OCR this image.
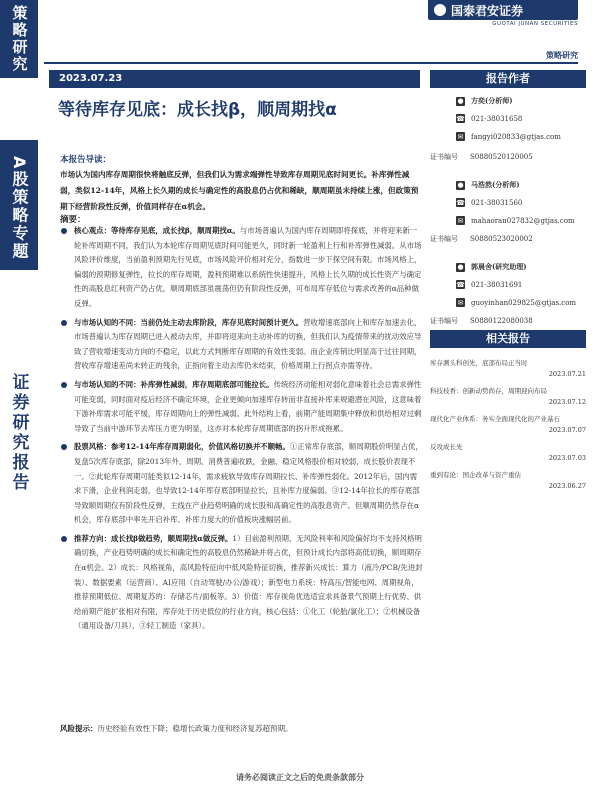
策略研究
A股策略专题
证券研究报告
国泰君安证券
GUOTAI JUNAN SECURITIES
策略研究
2023.07.23
等待库存见底：成长找β，顺周期找α
本报告导读：
市场认为国内库存周期很快将触底反弹，但我们认为需求端弹性导致库存周期见底时间更长。补库弹性减弱，类似12-14年，风格上长久期的成长与确定性的高股息仍占优和稀缺，顺周期虽未持续上涨，但政策预期下经营阶段性反弹，价值同样存在α机会。
摘要：
核心观点：等待库存见底，成长找β，顺周期找α。与市场普遍认为国内库存周期即将探底，并将迎来新一轮补库周期不同，我们认为本轮库存周期见底时间可能更久，同时新一轮盈利上行和补库弹性减弱。从市场风险评价维度，当前盈利预期先行见底，市场风险评价相对充分，指数进一步下探空间有限。市场风格上，偏弱的预期修复弹性，拉长的库存周期，盈利预期难以系统性快速提升，风格上长久期的成长性资产与确定性的高股息红利资产仍占优，顺周期底部虽震荡但仍有阶段性反弹，可布局库存低位与需求改善的α品种做反弹。
与市场认知的不同：当前仍处主动去库阶段，库存见底时间预计更久。营收增速底部向上和库存加速去化，市场普遍认为库存周期已进入被动去库，并即将迎来向主动补库的切换，但我们认为疫情带来的扰动效应导致了营收增速变动方向的不稳定，以此方式判断库存周期的有效性变弱。而企业库销比明显高于过往同期，营收库存增速差尚未转正的残余，正指向着主动去库仍未结束，价格周期上行拐点亦需等待。
与市场认知的不同：补库弹性减弱，库存周期底部可能拉长。传统经济动能相对弱化意味着社会总需求弹性可能变弱，同时面对疫后经济不确定环境，企业更倾向加速库存转而非直接补库来规避潜在风险，这意味着下游补库需求可能平缓，库存周期向上的弹性减弱。此外结构上看，前期产能周期集中释放和供给相对过剩导致了当前中游环节去库压力更为明显，这亦对本轮库存周期底部的拐升形成拖累。
股票风格：参考12-14年库存周期弱化，价值风格切换并不顺畅。①正常库存底部，顺周期股价明显占优，复盘5次库存底部，除2013年外，周期、消费普遍收跌，金融、稳定风格股价相对较弱，成长股价表现不一。②此轮库存周期可能类似12-14年，需求疲软导致库存周期拉长、补库弹性弱化。2012年后，国内需求下滑，企业利润走弱，也导致12-14年库存底部明显拉长，且补库力度偏弱。③12-14年拉长的库存底部导致顺周期仅有阶段性反弹，主线在产业趋势明确的成长股和高确定性的高股息资产。但顺周期仍然存在α机会，库存底部中率先开启补库、补库力度大的价值板块涨幅居前。
推荐方向：成长找β做趋势，顺周期找α做反弹。1）目前盈利预期、无风险利率和风险偏好均不支持风格明确切换，产业趋势明确的成长和确定性的高股息仍然稀缺并将占优，但预计成长内部将高低切换，顺周期存在α机会。2）成长：风格视角，高风险特征向中低风险特征切换，推荐新兴成长：算力（液冷/PCB/先进封装）、数据要素（运营商）、AI应用（自动驾驶/办公/游戏）；新型电力系统：特高压/智能电网、周期视角，推荐预期低位、周期复苏的：存储芯片/面板等。3）价值：库存视角优选适宜求具备景气预期上行优势、供给前期产能扩张相对有限，库存处于历史低位的行业方向，核心包括：①化工（轮胎/氯化工）；②机械设备（通用设备/刀具）、③轻工制造（家具）。
风险提示：历史经验有效性下降；稳增长政策力度和经济复苏超预期。
请务必阅读正文之后的免责条款部分
报告作者
● 方奕(分析师)
☎ 021-38031658
✉ fangyi020833@gtjas.com
证书编号 S0880520120005
● 马浩然(分析师)
☎ 021-38031560
✉ mahaoran027832@gtjas.com
证书编号 S0880523020002
● 郭晨舍(研究助理)
☎ 021-38031691
✉ guoyinhan029825@gtjas.com
证书编号 S0880122080038
相关报告
库存测头科创先，底部布局正当时
2023.07.21
科技枝香：创新动势尚存，周期迎向布局
2023.07.12
现代化产业体系：务实全面现代化的产业基石
2023.07.07
反攻成长先
2023.07.03
重到有论：国企改革与资产重估
2023.06.27
